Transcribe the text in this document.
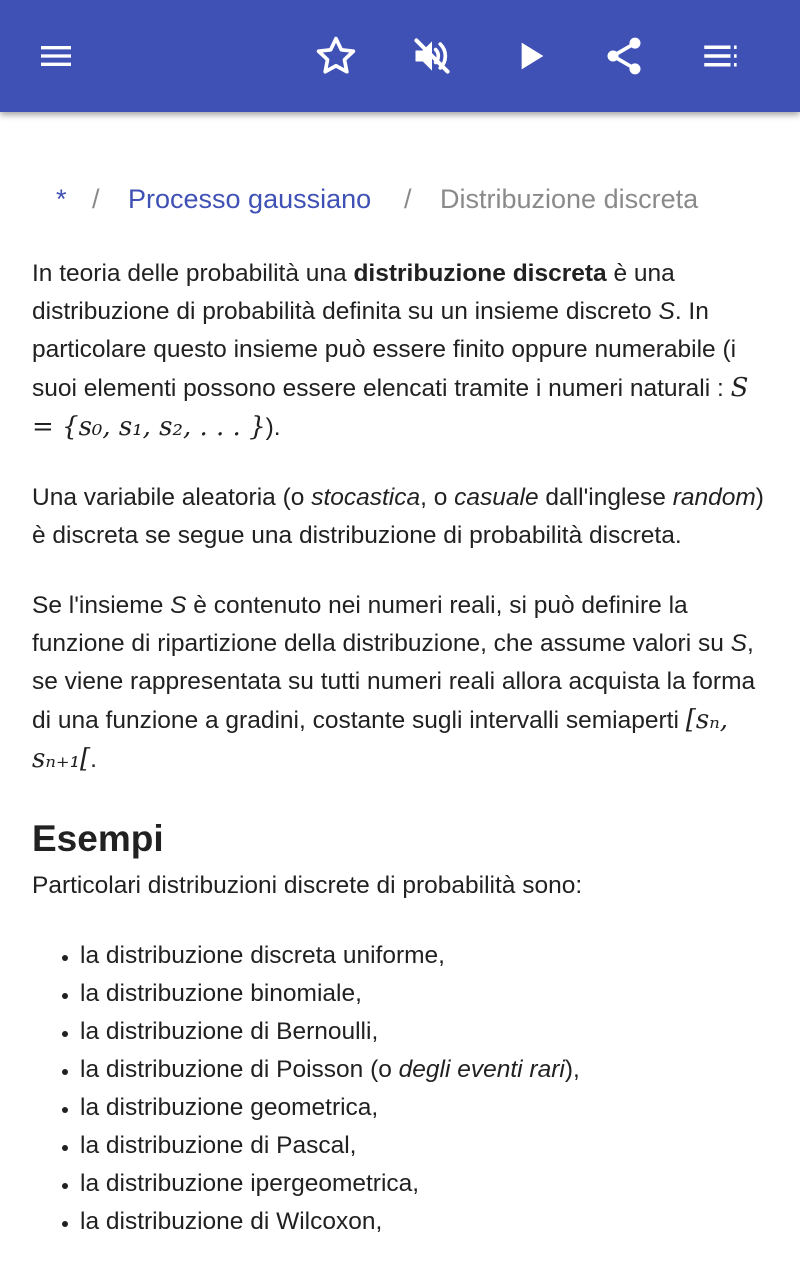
* / Processo gaussiano / Distribuzione discreta

In teoria delle probabilità una distribuzione discreta è una distribuzione di probabilità definita su un insieme discreto S. In particolare questo insieme può essere finito oppure numerabile (i suoi elementi possono essere elencati tramite i numeri naturali : S = {s₀, s₁, s₂, . . . }).

Una variabile aleatoria (o stocastica, o casuale dall'inglese random) è discreta se segue una distribuzione di probabilità discreta.

Se l'insieme S è contenuto nei numeri reali, si può definire la funzione di ripartizione della distribuzione, che assume valori su S, se viene rappresentata su tutti numeri reali allora acquista la forma di una funzione a gradini, costante sugli intervalli semiaperti [sₙ, sₙ₊₁[.

Esempi
Particolari distribuzioni discrete di probabilità sono:
• la distribuzione discreta uniforme,
• la distribuzione binomiale,
• la distribuzione di Bernoulli,
• la distribuzione di Poisson (o degli eventi rari),
• la distribuzione geometrica,
• la distribuzione di Pascal,
• la distribuzione ipergeometrica,
• la distribuzione di Wilcoxon,
